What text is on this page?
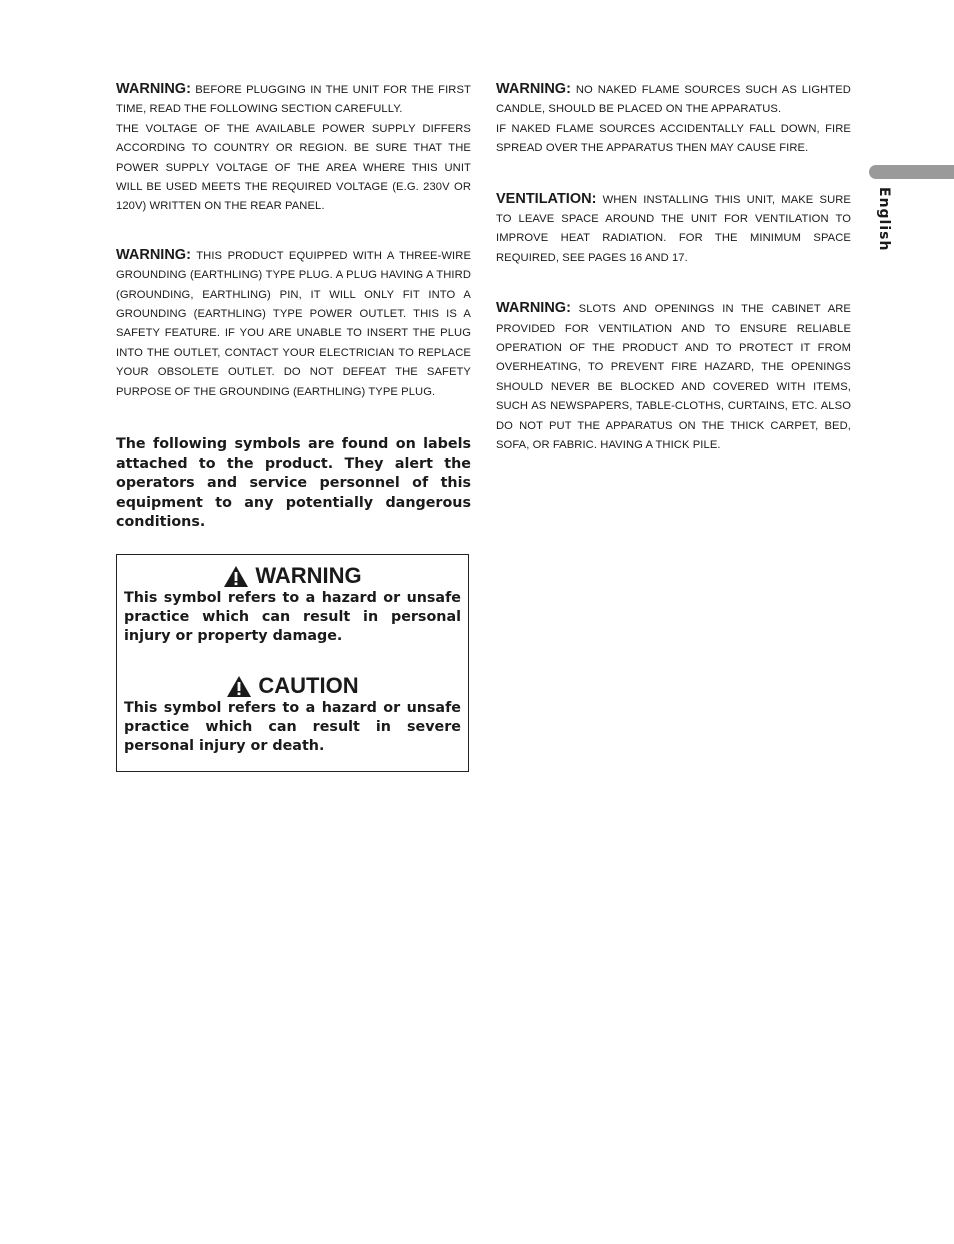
WARNING: BEFORE PLUGGING IN THE UNIT FOR THE FIRST TIME, READ THE FOLLOWING SECTION CAREFULLY.
THE VOLTAGE OF THE AVAILABLE POWER SUPPLY DIFFERS ACCORDING TO COUNTRY OR REGION. BE SURE THAT THE POWER SUPPLY VOLTAGE OF THE AREA WHERE THIS UNIT WILL BE USED MEETS THE REQUIRED VOLTAGE (E.G. 230V OR 120V) WRITTEN ON THE REAR PANEL.
WARNING: THIS PRODUCT EQUIPPED WITH A THREE-WIRE GROUNDING (EARTHLING) TYPE PLUG. A PLUG HAVING A THIRD (GROUNDING, EARTHLING) PIN, IT WILL ONLY FIT INTO A GROUNDING (EARTHLING) TYPE POWER OUTLET. THIS IS A SAFETY FEATURE. IF YOU ARE UNABLE TO INSERT THE PLUG INTO THE OUTLET, CONTACT YOUR ELECTRICIAN TO REPLACE YOUR OBSOLETE OUTLET. DO NOT DEFEAT THE SAFETY PURPOSE OF THE GROUNDING (EARTHLING) TYPE PLUG.
The following symbols are found on labels attached to the product. They alert the operators and service personnel of this equipment to any potentially dangerous conditions.
WARNING
This symbol refers to a hazard or unsafe practice which can result in personal injury or property damage.
CAUTION
This symbol refers to a hazard or unsafe practice which can result in severe personal injury or death.
WARNING: NO NAKED FLAME SOURCES SUCH AS LIGHTED CANDLE, SHOULD BE PLACED ON THE APPARATUS.
IF NAKED FLAME SOURCES ACCIDENTALLY FALL DOWN, FIRE SPREAD OVER THE APPARATUS THEN MAY CAUSE FIRE.
VENTILATION: WHEN INSTALLING THIS UNIT, MAKE SURE TO LEAVE SPACE AROUND THE UNIT FOR VENTILATION TO IMPROVE HEAT RADIATION. FOR THE MINIMUM SPACE REQUIRED, SEE PAGES 16 AND 17.
WARNING: SLOTS AND OPENINGS IN THE CABINET ARE PROVIDED FOR VENTILATION AND TO ENSURE RELIABLE OPERATION OF THE PRODUCT AND TO PROTECT IT FROM OVERHEATING, TO PREVENT FIRE HAZARD, THE OPENINGS SHOULD NEVER BE BLOCKED AND COVERED WITH ITEMS, SUCH AS NEWSPAPERS, TABLE-CLOTHS, CURTAINS, ETC. ALSO DO NOT PUT THE APPARATUS ON THE THICK CARPET, BED, SOFA, OR FABRIC. HAVING A THICK PILE.
English
